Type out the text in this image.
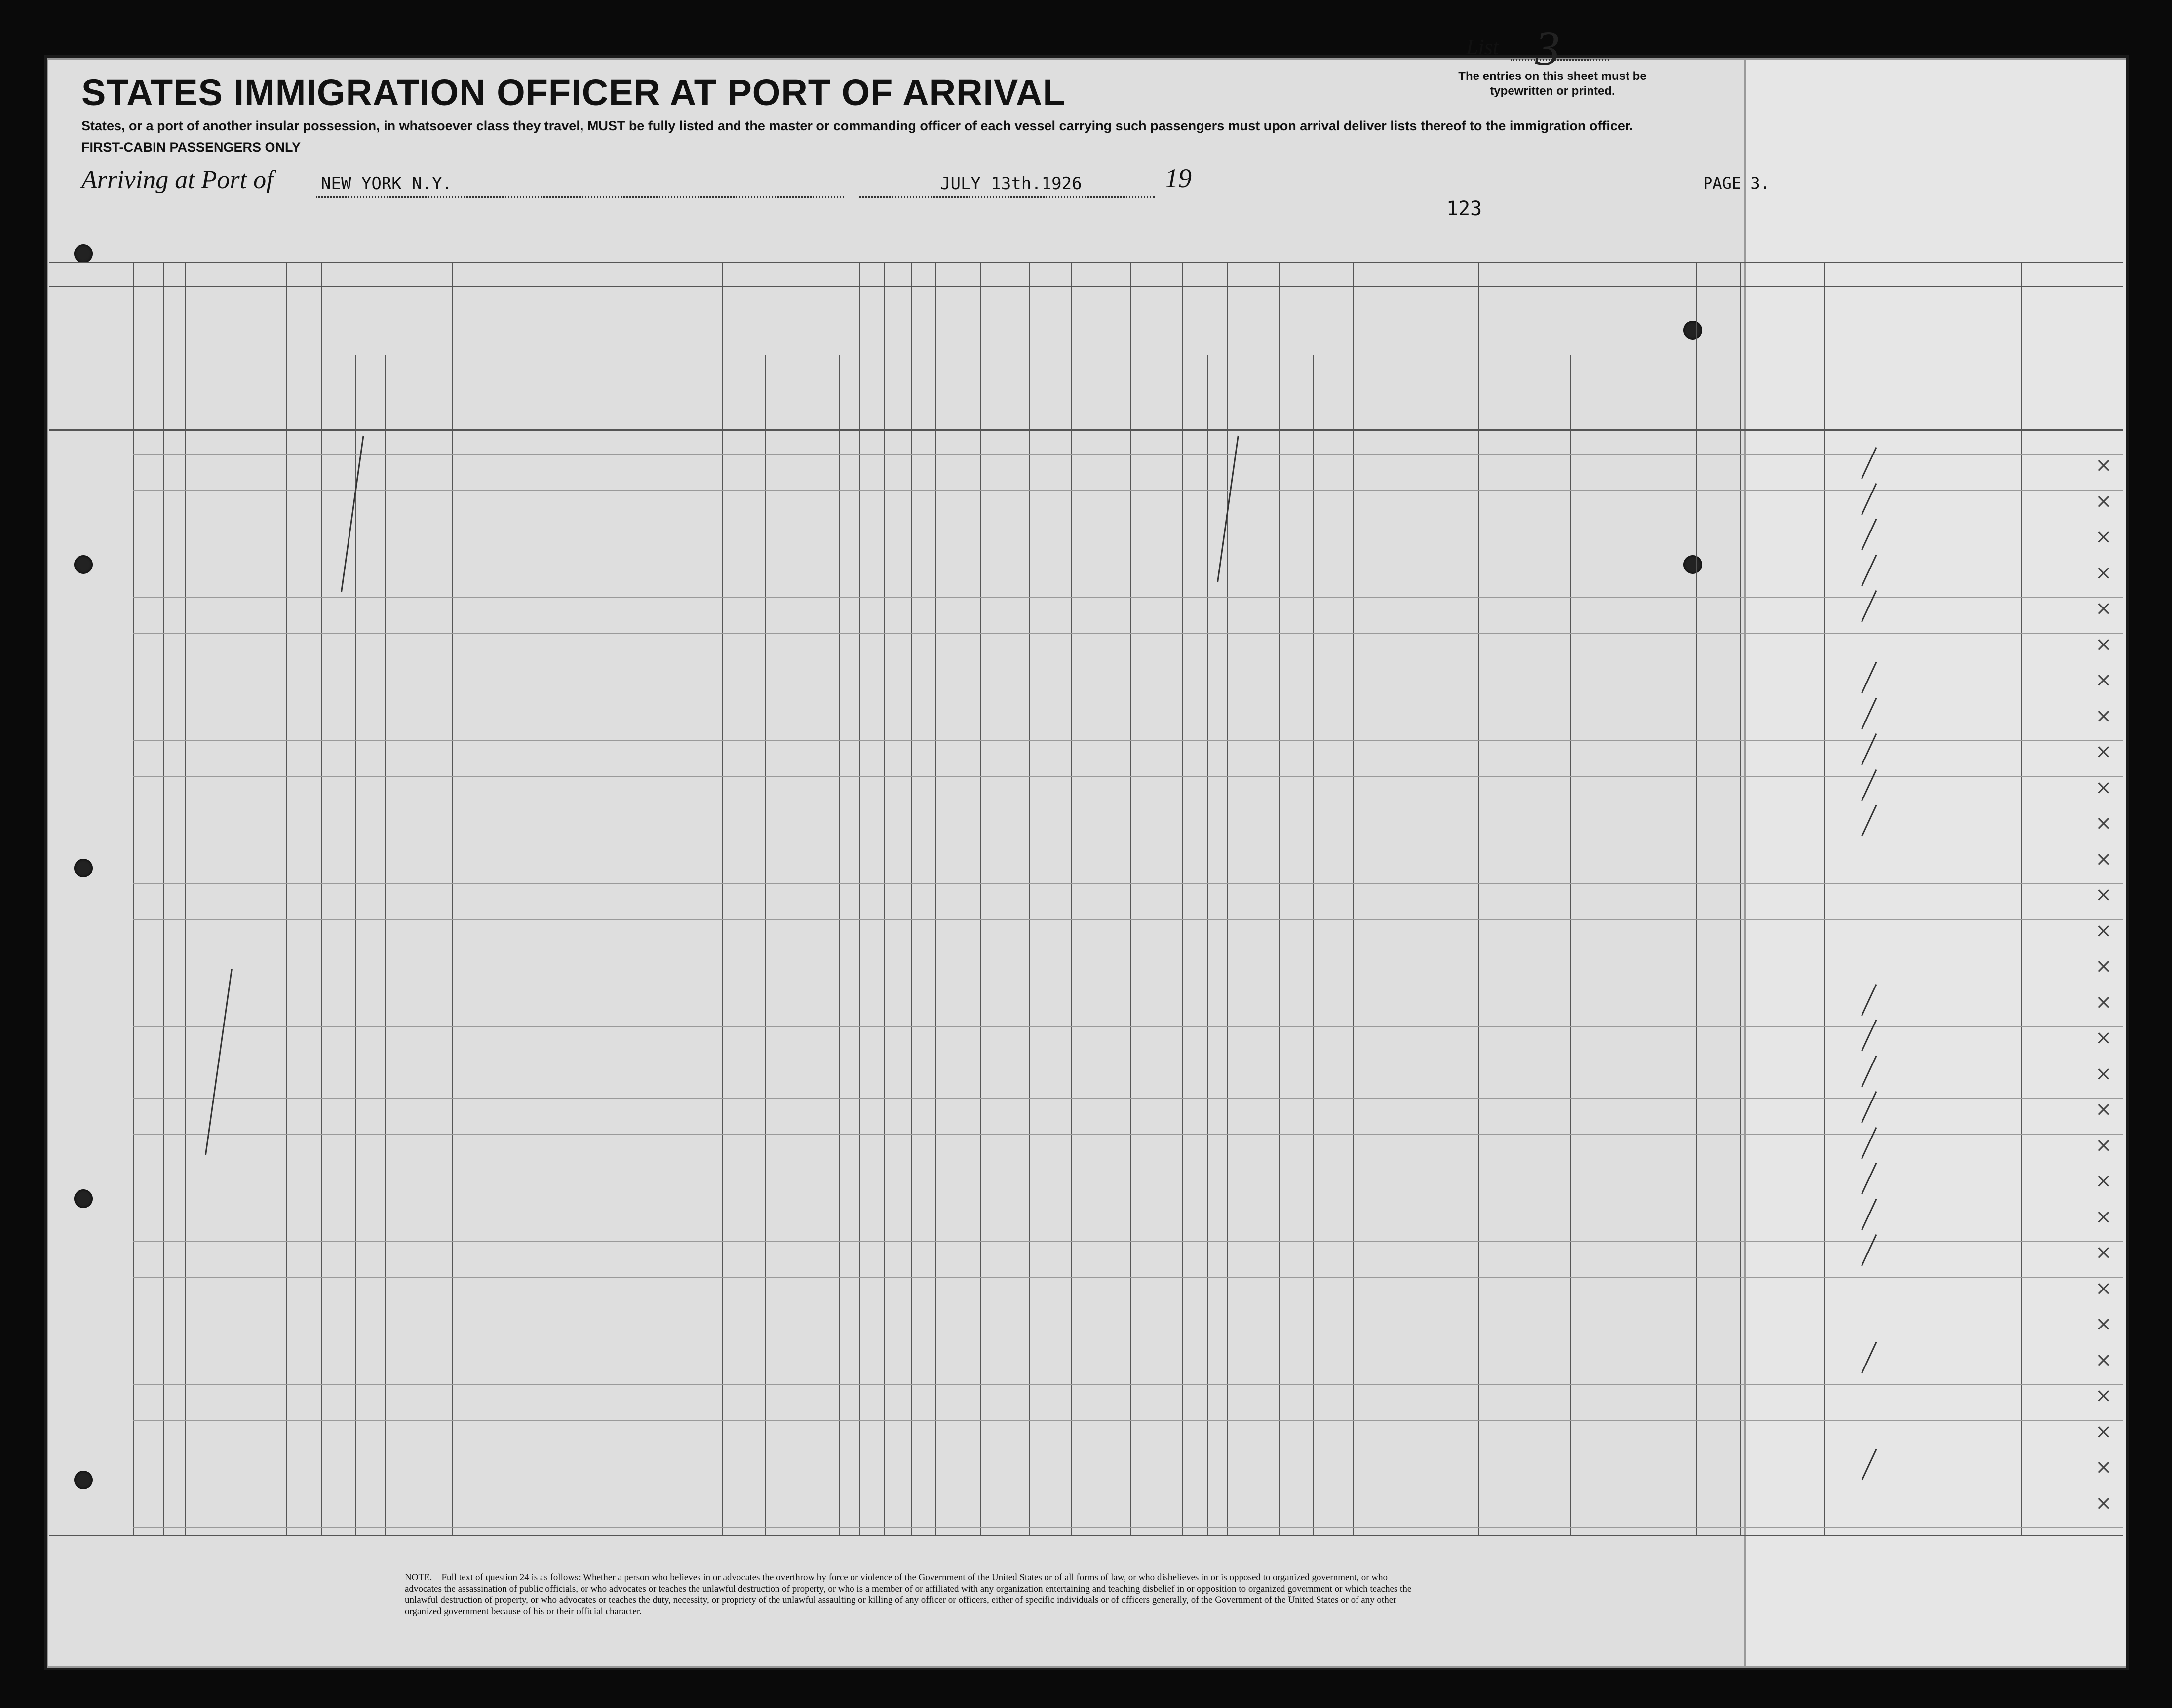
STATES IMMIGRATION OFFICER AT PORT OF ARRIVAL
States, or a port of another insular possession, in whatsoever class they travel, MUST be fully listed and the master or commanding officer of each vessel carrying such passengers must upon arrival deliver lists thereof to the immigration officer.
FIRST-CABIN PASSENGERS ONLY
List 3
The entries on this sheet must be typewritten or printed.
123
Arriving at Port of	NEW YORK N.Y.	JULY 13th.1926	19	PAGE 3.
×
×
×
×
×
×
×
×
×
×
×
×
×
×
×
×
×
×
×
×
×
×
×
×
×
×
×
×
×
×
NOTE.—Full text of question 24 is as follows: Whether a person who believes in or advocates the overthrow by force or violence of the Government of the United States or of all forms of law, or who disbelieves in or is opposed to organized government, or who advocates the assassination of public officials, or who advocates or teaches the unlawful destruction of property, or who is a member of or affiliated with any organization entertaining and teaching disbelief in or opposition to organized government or which teaches the unlawful destruction of property, or who advocates or teaches the duty, necessity, or propriety of the unlawful assaulting or killing of any officer or officers, either of specific individuals or of officers generally, of the Government of the United States or of any other organized government because of his or their official character.
